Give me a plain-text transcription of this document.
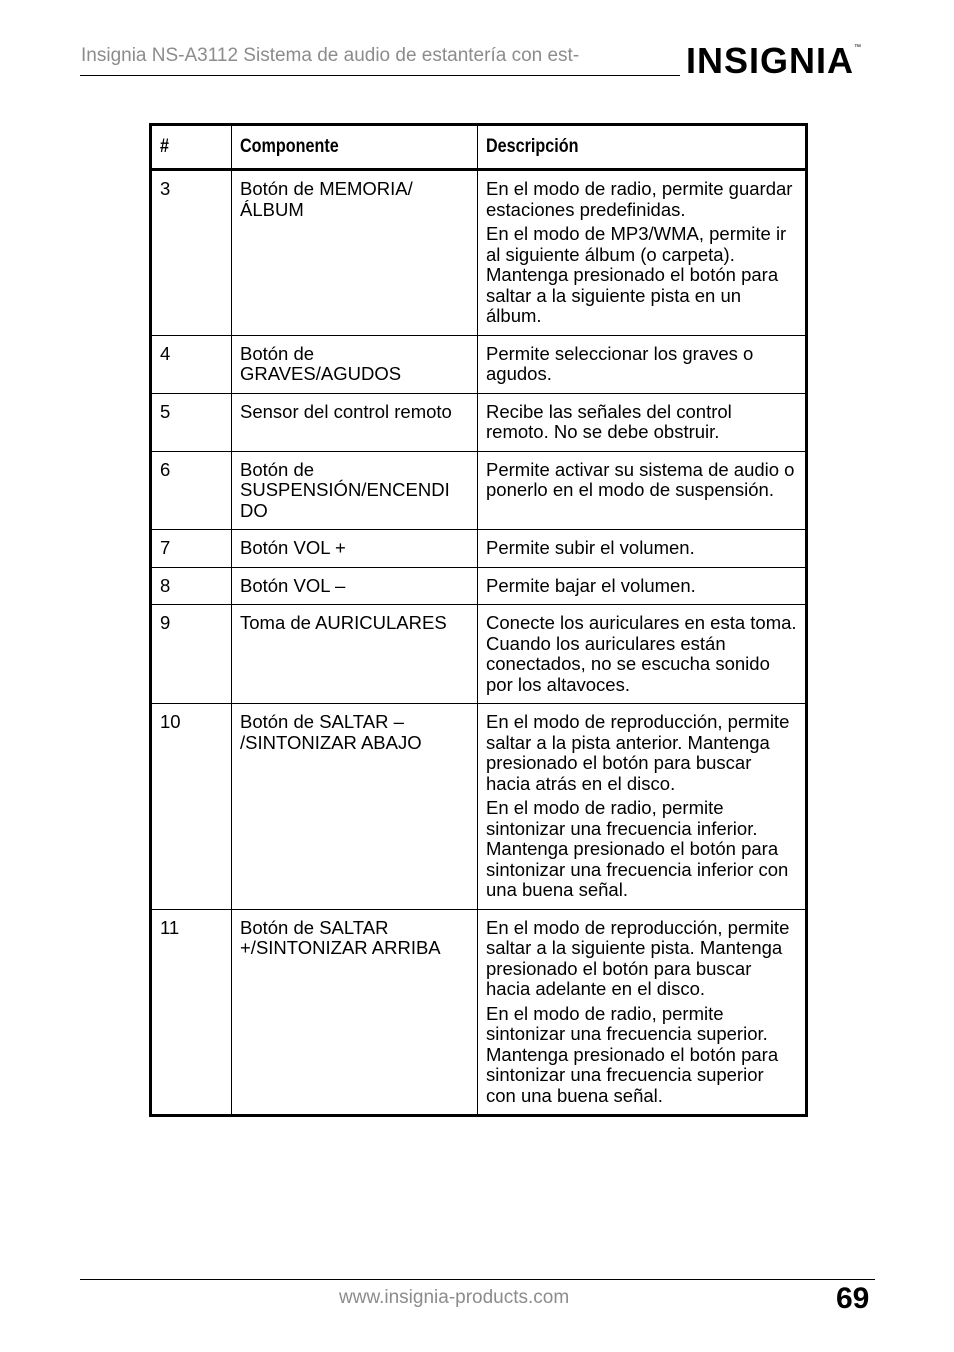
Insignia NS-A3112 Sistema de audio de estantería con est-	INSIGNIA ™
#	Componente	Descripción
3	Botón de MEMORIA/ÁLBUM	En el modo de radio, permite guardar estaciones predefinidas.

En el modo de MP3/WMA, permite ir al siguiente álbum (o carpeta). Mantenga presionado el botón para saltar a la siguiente pista en un álbum.

4	Botón de GRAVES/AGUDOS	Permite seleccionar los graves o agudos.

5	Sensor del control remoto	Recibe las señales del control remoto. No se debe obstruir.

6	Botón de SUSPENSIÓN/ENCENDI DO	Permite activar su sistema de audio o ponerlo en el modo de suspensión.

7	Botón VOL +	Permite subir el volumen.

8	Botón VOL –	Permite bajar el volumen.

9	Toma de AURICULARES	Conecte los auriculares en esta toma. Cuando los auriculares están conectados, no se escucha sonido por los altavoces.

10	Botón de SALTAR – /SINTONIZAR ABAJO	En el modo de reproducción, permite saltar a la pista anterior. Mantenga presionado el botón para buscar hacia atrás en el disco.

En el modo de radio, permite sintonizar una frecuencia inferior. Mantenga presionado el botón para sintonizar una frecuencia inferior con una buena señal.

11	Botón de SALTAR +/SINTONIZAR ARRIBA	En el modo de reproducción, permite saltar a la siguiente pista. Mantenga presionado el botón para buscar hacia adelante en el disco.

En el modo de radio, permite sintonizar una frecuencia superior. Mantenga presionado el botón para sintonizar una frecuencia superior con una buena señal.

www.insignia-products.com	69
